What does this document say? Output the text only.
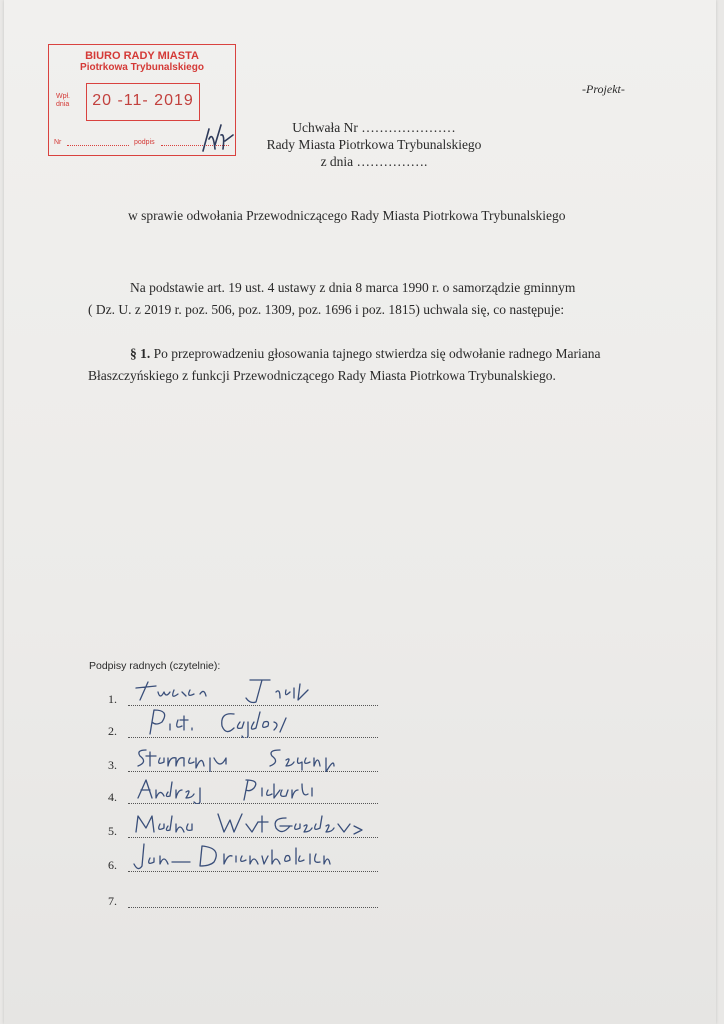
BIURO RADY MIASTA
Piotrkowa Trybunalskiego
Wpł.
dnia	20 -11- 2019
Nr	podpis
-Projekt-
Uchwała Nr …………………
Rady Miasta Piotrkowa Trybunalskiego
z dnia …………….
w sprawie odwołania Przewodniczącego Rady Miasta Piotrkowa Trybunalskiego
Na podstawie art. 19 ust. 4 ustawy z dnia 8 marca 1990 r. o samorządzie gminnym
( Dz. U. z 2019 r. poz. 506, poz. 1309, poz. 1696 i poz. 1815) uchwala się, co następuje:
§ 1. Po przeprowadzeniu głosowania tajnego stwierdza się odwołanie radnego Mariana
Błaszczyńskiego z funkcji Przewodniczącego Rady Miasta Piotrkowa Trybunalskiego.
Podpisy radnych (czytelnie):
1.
2.
3.
4.
5.
6.
7.
